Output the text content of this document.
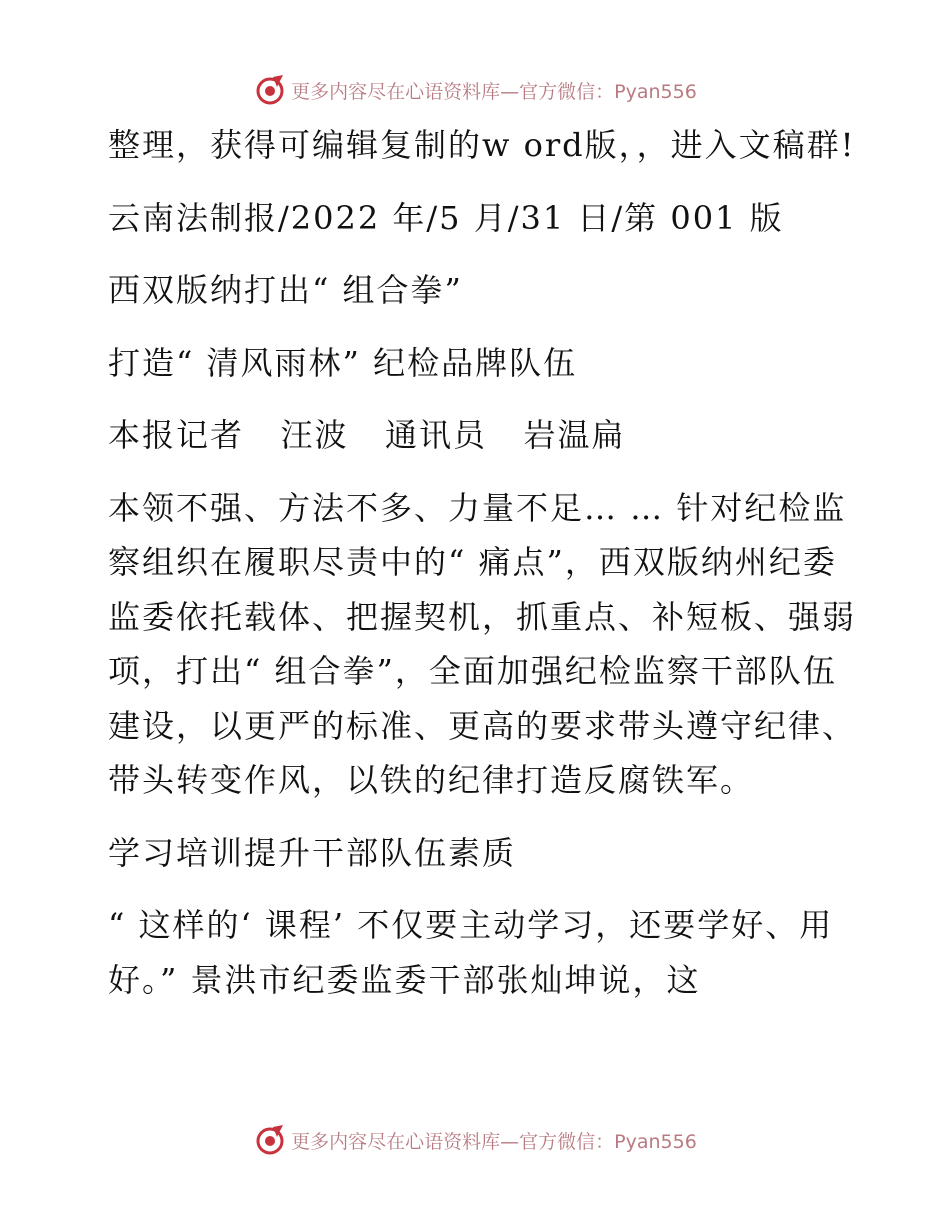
更多内容尽在心语资料库—官方微信：Pyan556

整理，获得可编辑复制的w ord版，，进入文稿群!

云南法制报/2022 年/5 月/31 日/第 001 版

西双版纳打出“ 组合拳”

打造“ 清风雨林” 纪检品牌队伍

本报记者   汪波   通讯员   岩温扁

本领不强、方法不多、力量不足… … 针对纪检监察组织在履职尽责中的“ 痛点”，西双版纳州纪委监委依托载体、把握契机，抓重点、补短板、强弱项，打出“ 组合拳”，全面加强纪检监察干部队伍建设，以更严的标准、更高的要求带头遵守纪律、带头转变作风，以铁的纪律打造反腐铁军。

学习培训提升干部队伍素质

“ 这样的‘ 课程’ 不仅要主动学习，还要学好、用好。” 景洪市纪委监委干部张灿坤说，这

更多内容尽在心语资料库—官方微信：Pyan556
